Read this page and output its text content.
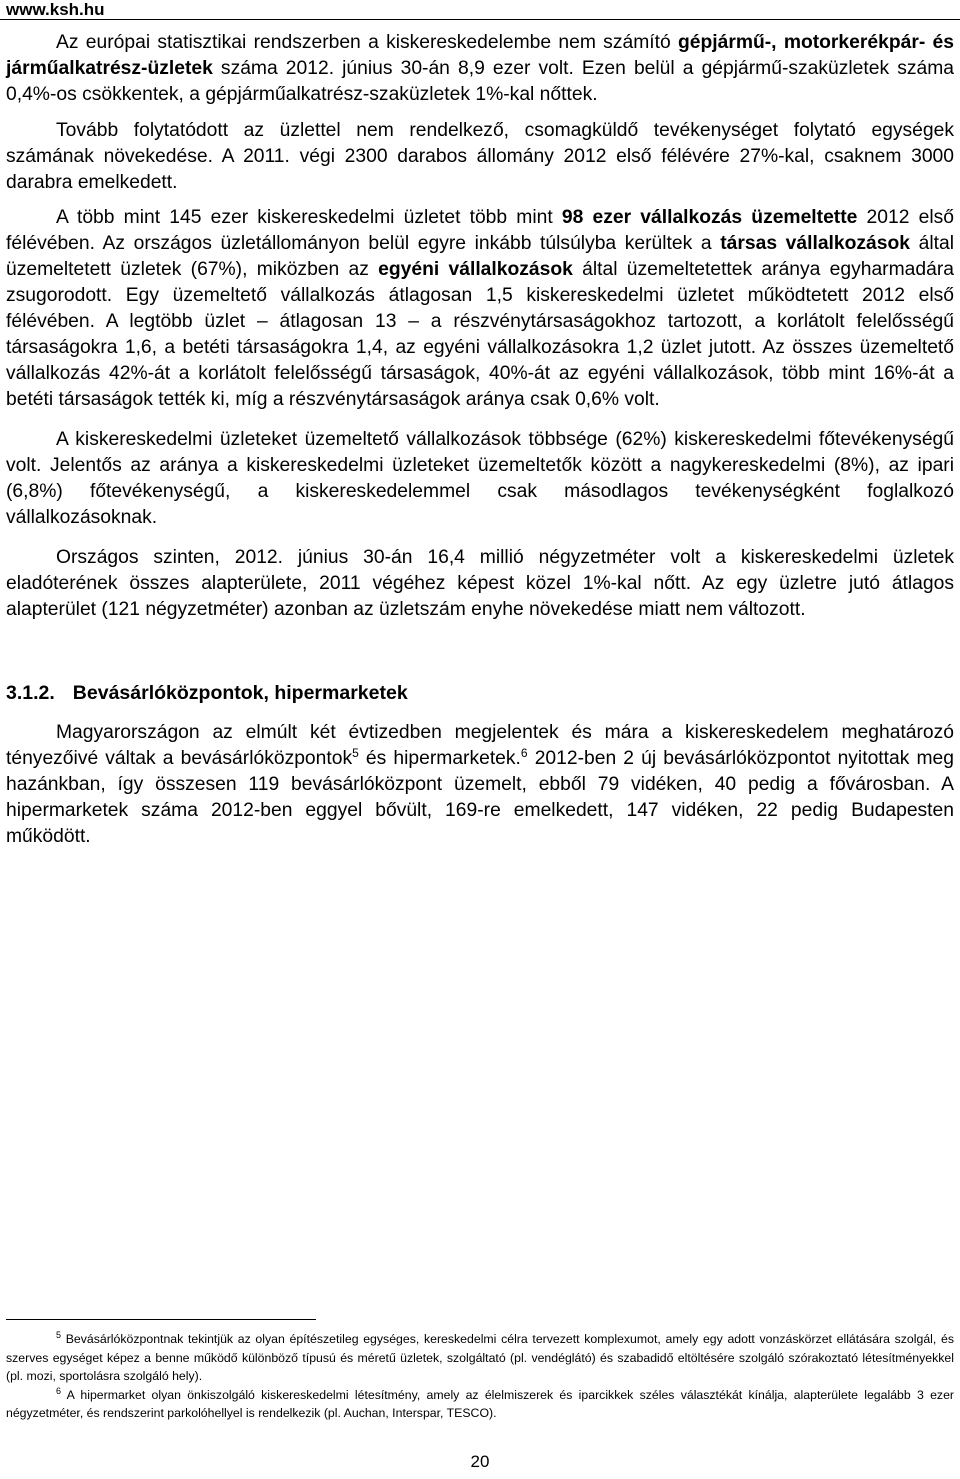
www.ksh.hu

Az európai statisztikai rendszerben a kiskereskedelembe nem számító gépjármű-, motorkerékpár- és járműalkatrész-üzletek száma 2012. június 30-án 8,9 ezer volt. Ezen belül a gépjármű-szaküzletek száma 0,4%-os csökkentek, a gépjárműalkatrész-szaküzletek 1%-kal nőttek.

Tovább folytatódott az üzlettel nem rendelkező, csomagküldő tevékenységet folytató egységek számának növekedése. A 2011. végi 2300 darabos állomány 2012 első félévére 27%-kal, csaknem 3000 darabra emelkedett.

A több mint 145 ezer kiskereskedelmi üzletet több mint 98 ezer vállalkozás üzemeltette 2012 első félévében. Az országos üzletállományon belül egyre inkább túlsúlyba kerültek a társas vállalkozások által üzemeltetett üzletek (67%), miközben az egyéni vállalkozások által üzemeltetettek aránya egyharmadára zsugorodott. Egy üzemeltető vállalkozás átlagosan 1,5 kiskereskedelmi üzletet működtetett 2012 első félévében. A legtöbb üzlet – átlagosan 13 – a részvénytársaságokhoz tartozott, a korlátolt felelősségű társaságokra 1,6, a betéti társaságokra 1,4, az egyéni vállalkozásokra 1,2 üzlet jutott. Az összes üzemeltető vállalkozás 42%-át a korlátolt felelősségű társaságok, 40%-át az egyéni vállalkozások, több mint 16%-át a betéti társaságok tették ki, míg a részvénytársaságok aránya csak 0,6% volt.

A kiskereskedelmi üzleteket üzemeltető vállalkozások többsége (62%) kiskereskedelmi főtevékenységű volt. Jelentős az aránya a kiskereskedelmi üzleteket üzemeltetők között a nagykereskedelmi (8%), az ipari (6,8%) főtevékenységű, a kiskereskedelemmel csak másodlagos tevékenységként foglalkozó vállalkozásoknak.

Országos szinten, 2012. június 30-án 16,4 millió négyzetméter volt a kiskereskedelmi üzletek eladóterének összes alapterülete, 2011 végéhez képest közel 1%-kal nőtt. Az egy üzletre jutó átlagos alapterület (121 négyzetméter) azonban az üzletszám enyhe növekedése miatt nem változott.

3.1.2. Bevásárlóközpontok, hipermarketek

Magyarországon az elmúlt két évtizedben megjelentek és mára a kiskereskedelem meghatározó tényezőivé váltak a bevásárlóközpontok$^5$ és hipermarketek.$^6$ 2012-ben 2 új bevásárlóközpontot nyitottak meg hazánkban, így összesen 119 bevásárlóközpont üzemelt, ebből 79 vidéken, 40 pedig a fővárosban. A hipermarketek száma 2012-ben eggyel bővült, 169-re emelkedett, 147 vidéken, 22 pedig Budapesten működött.

$^5$ Bevásárlóközpontnak tekintjük az olyan építészetileg egységes, kereskedelmi célra tervezett komplexumot, amely egy adott vonzáskörzet ellátására szolgál, és szerves egységet képez a benne működő különböző típusú és méretű üzletek, szolgáltató (pl. vendéglátó) és szabadidő eltöltésére szolgáló szórakoztató létesítményekkel (pl. mozi, sportolásra szolgáló hely).

$^6$ A hipermarket olyan önkiszolgáló kiskereskedelmi létesítmény, amely az élelmiszerek és iparcikkek széles választékát kínálja, alapterülete legalább 3 ezer négyzetméter, és rendszerint parkolóhellyel is rendelkezik (pl. Auchan, Interspar, TESCO).

20
